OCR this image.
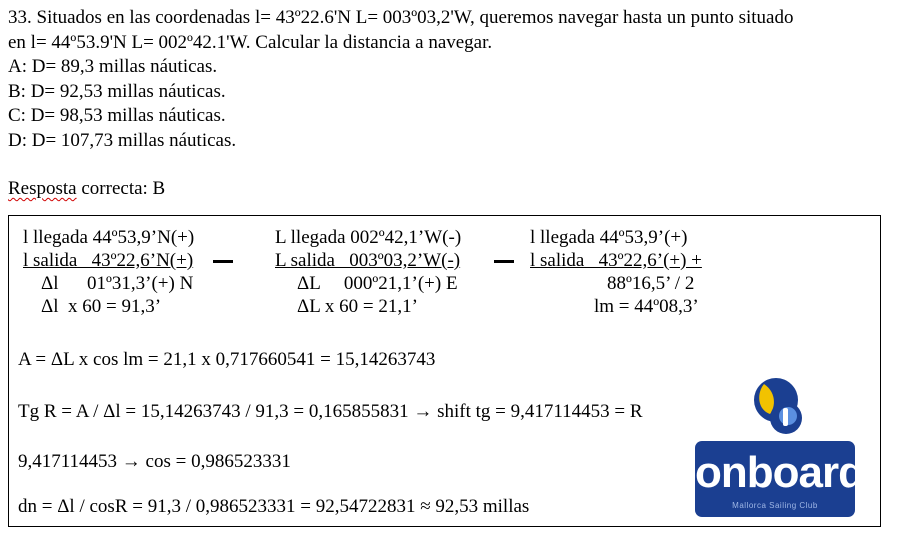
33. Situados en las coordenadas l= 43º22.6'N L= 003º03,2'W, queremos navegar hasta un punto situado
en l= 44º53.9'N L= 002º42.1'W. Calcular la distancia a navegar.
A: D= 89,3 millas náuticas.
B: D= 92,53 millas náuticas.
C: D= 98,53 millas náuticas.
D: D= 107,73 millas náuticas.
Resposta correcta: B
l llegada 44º53,9’N(+)
l salida   43º22,6’N(+)
Δl      01º31,3’(+) N
Δl  x 60 = 91,3’
L llegada 002º42,1’W(-)
L salida   003º03,2’W(-)
ΔL     000º21,1’(+) E
ΔL x 60 = 21,1’
l llegada 44º53,9’(+)
l salida   43º22,6’(+) +
88º16,5’ / 2
lm = 44º08,3’
A = ΔL x cos lm = 21,1 x 0,717660541 = 15,14263743
Tg R = A / Δl = 15,14263743 / 91,3 = 0,165855831 → shift tg = 9,417114453 = R
9,417114453 → cos = 0,986523331
dn = Δl / cosR = 91,3 / 0,986523331 = 92,54722831 ≈ 92,53 millas
onboard
Mallorca Sailing Club
